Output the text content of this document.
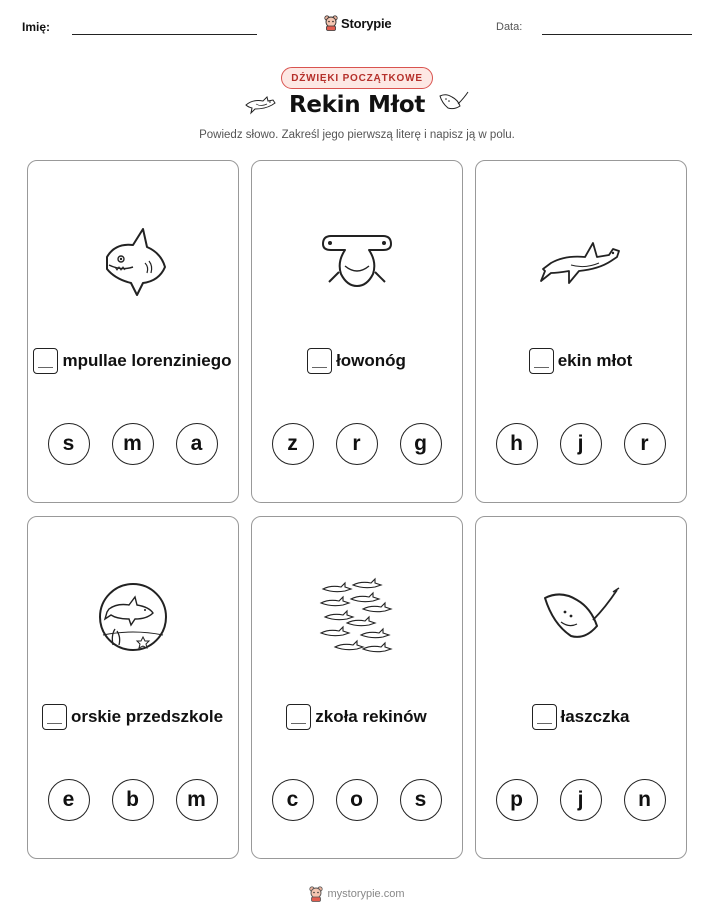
Imię:	Storypie	Data:
DŹWIĘKI POCZĄTKOWE
Rekin Młot
Powiedz słowo. Zakreśl jego pierwszą literę i napisz ją w polu.
mpullae lorenziniego
s	m	a
łowonóg
z	r	g
ekin młot
h	j	r
orskie przedszkole
e	b	m
zkoła rekinów
c	o	s
łaszczka
p	j	n
mystorypie.com
